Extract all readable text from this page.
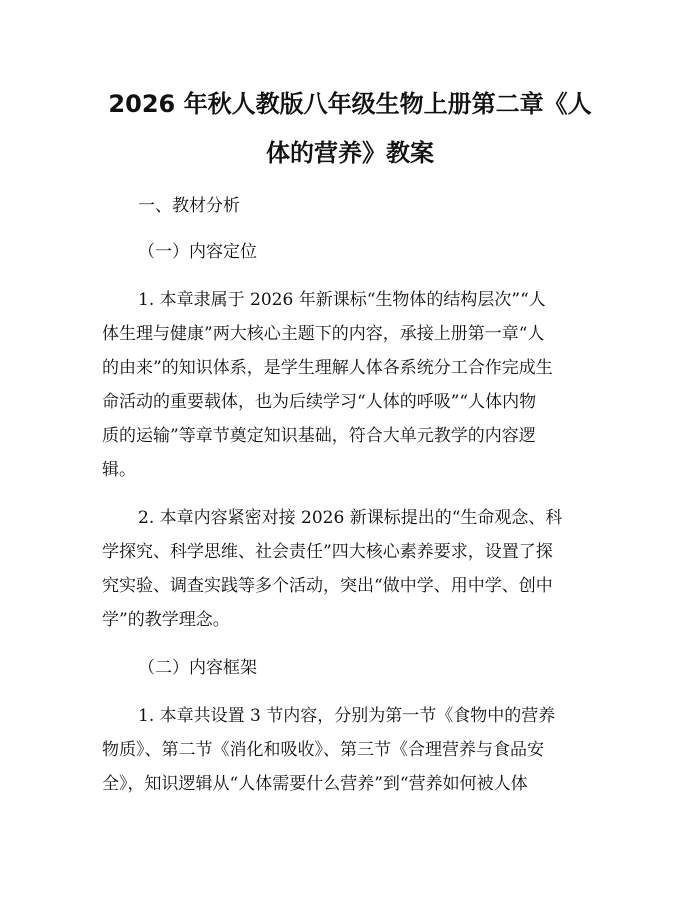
2026 年秋人教版八年级生物上册第二章《人
体的营养》教案

一、教材分析

（一）内容定位

1. 本章隶属于 2026 年新课标“生物体的结构层次”“人

体生理与健康”两大核心主题下的内容，承接上册第一章“人

的由来”的知识体系，是学生理解人体各系统分工合作完成生

命活动的重要载体，也为后续学习“人体的呼吸”“人体内物

质的运输”等章节奠定知识基础，符合大单元教学的内容逻

辑。

2. 本章内容紧密对接 2026 新课标提出的“生命观念、科

学探究、科学思维、社会责任”四大核心素养要求，设置了探

究实验、调查实践等多个活动，突出“做中学、用中学、创中

学”的教学理念。

（二）内容框架

1. 本章共设置 3 节内容，分别为第一节《食物中的营养

物质》、第二节《消化和吸收》、第三节《合理营养与食品安

全》，知识逻辑从“人体需要什么营养”到“营养如何被人体
